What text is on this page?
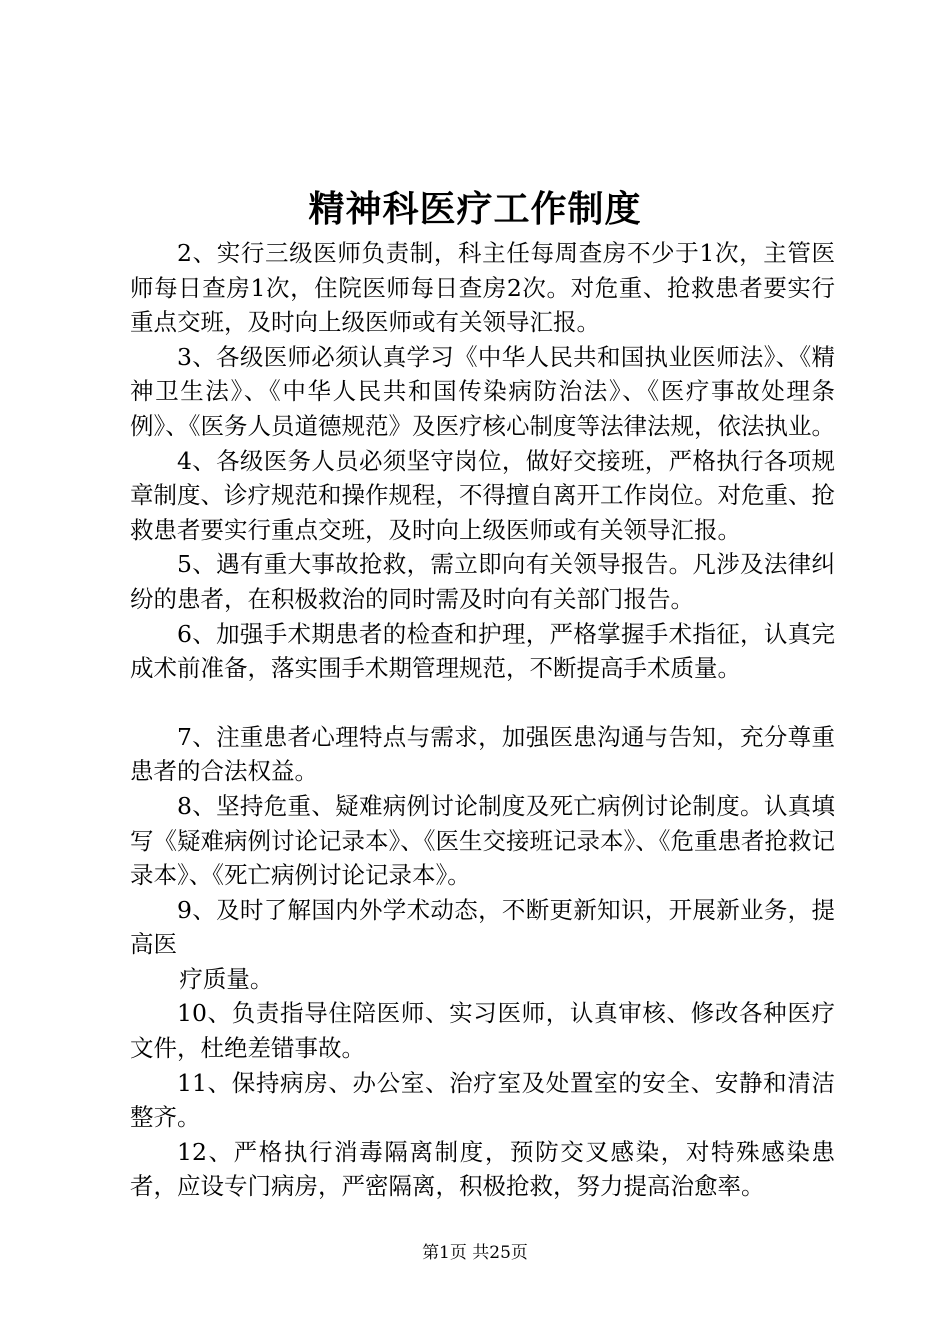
精神科医疗工作制度

2、实行三级医师负责制，科主任每周查房不少于1次，主管医师每日查房1次，住院医师每日查房2次。对危重、抢救患者要实行重点交班，及时向上级医师或有关领导汇报。

3、各级医师必须认真学习《中华人民共和国执业医师法》、《精神卫生法》、《中华人民共和国传染病防治法》、《医疗事故处理条例》、《医务人员道德规范》及医疗核心制度等法律法规，依法执业。

4、各级医务人员必须坚守岗位，做好交接班，严格执行各项规章制度、诊疗规范和操作规程，不得擅自离开工作岗位。对危重、抢救患者要实行重点交班，及时向上级医师或有关领导汇报。

5、遇有重大事故抢救，需立即向有关领导报告。凡涉及法律纠纷的患者，在积极救治的同时需及时向有关部门报告。

6、加强手术期患者的检查和护理，严格掌握手术指征，认真完成术前准备，落实围手术期管理规范，不断提高手术质量。

7、注重患者心理特点与需求，加强医患沟通与告知，充分尊重患者的合法权益。

8、坚持危重、疑难病例讨论制度及死亡病例讨论制度。认真填写《疑难病例讨论记录本》、《医生交接班记录本》、《危重患者抢救记录本》、《死亡病例讨论记录本》。

9、及时了解国内外学术动态，不断更新知识，开展新业务，提高医

疗质量。

10、负责指导住陪医师、实习医师，认真审核、修改各种医疗文件，杜绝差错事故。

11、保持病房、办公室、治疗室及处置室的安全、安静和清洁整齐。

12、严格执行消毒隔离制度，预防交叉感染，对特殊感染患者，应设专门病房，严密隔离，积极抢救，努力提高治愈率。

第1页 共25页
